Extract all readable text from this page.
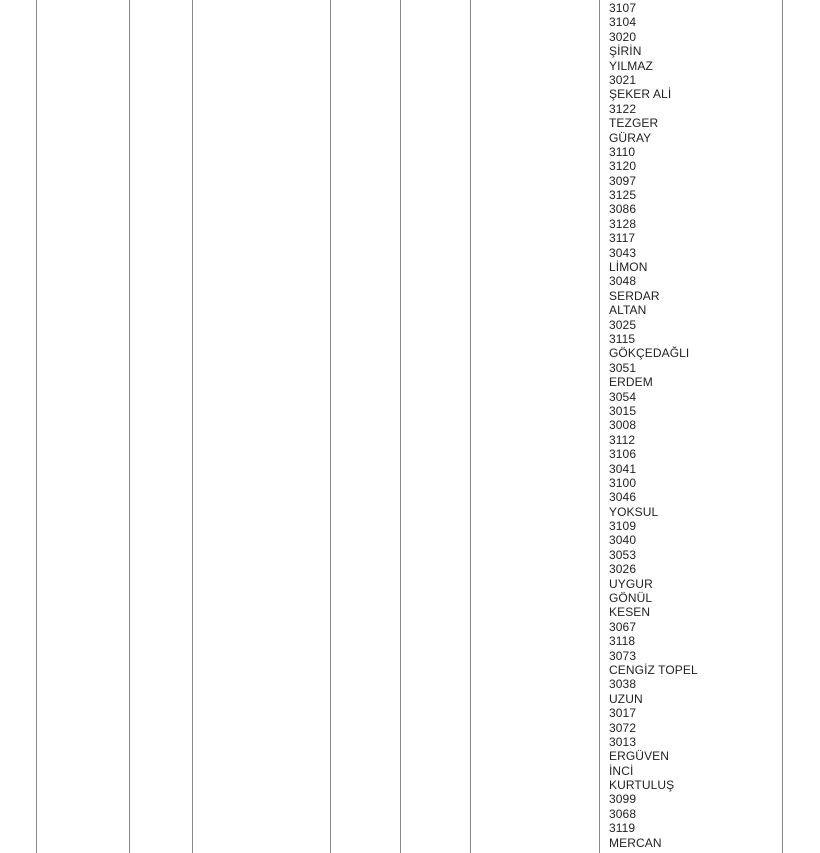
3107
3104
3020
ŞİRİN
YILMAZ
3021
ŞEKER ALİ
3122
TEZGER
GÜRAY
3110
3120
3097
3125
3086
3128
3117
3043
LİMON
3048
SERDAR
ALTAN
3025
3115
GÖKÇEDAĞLI
3051
ERDEM
3054
3015
3008
3112
3106
3041
3100
3046
YOKSUL
3109
3040
3053
3026
UYGUR
GÖNÜL
KESEN
3067
3118
3073
CENGİZ TOPEL
3038
UZUN
3017
3072
3013
ERGÜVEN
İNCİ
KURTULUŞ
3099
3068
3119
MERCAN
